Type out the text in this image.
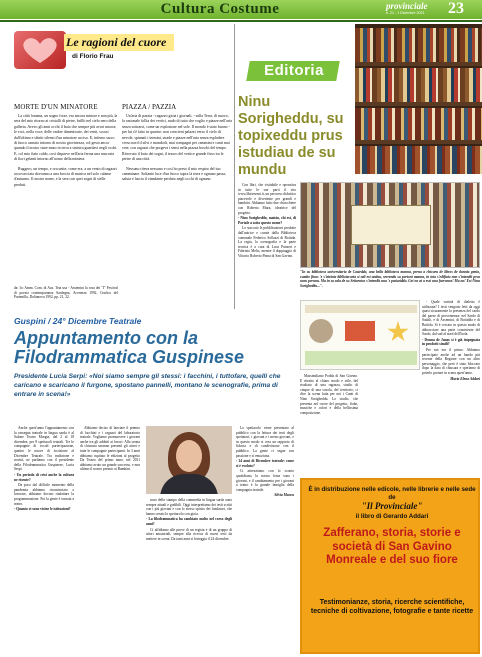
Cultura Costume	provinciale
n. 21 - 1 Dicembre 2021 23
Le ragioni del cuore
di Florio Frau
MORTE D'UN MINATORE

La città lontana, un sogno forse, era ancora minore e non più, la sera del mio ritorno ai cristalli di pietre, brillii nel cielo nero della galleria. Avevo gli anni occhi il buio che sempre più avrai ancora; le voci, nella voce, delle ombre dimenticate, dei venti, scossi dall'ultimo e sfiniti silenzi d'un minatore ucciso. E, inferno sacro di fuoco cantato intorno di nostro giovinezza, col gesto ancor quando il nostro stare muto in terra a sinistra guardavi negli occhi. E, col mio fiato caldo, così disparve nell'aria ferma una nascosta di fiori gelanti intorno all'uomo della miniera.

Ruggero, un tempo, e ora unite, come era, a un vento di ragazzi accovacciata dovranno a una boccia di musica nel solo calame d'autunno. Il nostro nome, e la sera con quei sogni di stelle perduti.

PIAZZA / PAZZIA

Un'aria di pazzia - ragazzo gioia i giornali, - sulla Terra, di nuovo, la razionale follia dei vertici, nudo di tutto che voglio e piazze nell'aria senza sottrarsi, come un esplosione nel sole. Il mondo è stato buono - per lui s'è fatto in quattro: non crescieni palazzi verso il cielo di nevole, spianati i termini, strade e piazze nell'aria senza esplodere verso nord il silvi e mandorli, mai compagni per cammini e canti mai vete, con ragazzi che porgeva i sensi nella piazza boschi del tempo. Ritrovato il buio dei sogni, il tesoro del vertice grande fisso tra le pietre di una città.

Nessuno riteva nessuno e così ho preso il mio respiro del tuo camminare. Soltanto luce d'un fuoco sopra la terra e ognuno passa, saluta e lascia il viandante perduto negli occhi di ognuno.

da: Io: Amm. Com. di Aus. Teia usa - Assemini la rosa dei "I" Festival di poesia contemporanea Sardegna, Acerenza 1992, Grafica del Partenilla, Dolianova 1992, pp. 21, 22.
Editoria
Ninu Sorigheddu, su topixeddu prus istudiau de su mundu

Con libri, che visitabile e operativa in tutte le sue parti il sito www.libriesemi.it, un percorso didattico piacevole e divertente per grandi e bambini. Abbiamo fatto due chiacchiere con Roberta Mura, ideatrice del progetto.

- Nino Sorigheddu, maisiu, chi est, di Portale a sotto questo nome?

Lo staccato le pubblicazioni prodotte dall'autrice e curate dalla Biblioteca comunale Federico Sollazzi di Bottida. La regia, la scenografia e la parte tecnica è a cura di Luca Punzeri e Fabrizio Melis, mentre il doppiaggio di Vittorio Roberto Pinna di San Gavino.

"In su biblioteca universitaria de Castedda, una bella biblioteca manna, prena a chicuru de libros de donnia genia, cumbo finas 'e s'istrinia bibliotecaria si ndi est andau, serrendu su portoni manna, in tota s'edifiziu non s'intendit prus sonu perunu. Ma in sa sala de su Seitzentos s'intendit una 's pasizziddu. Gei no at a essi una furrunca! Ma no! Est Ninu Sorigheddu...".

Massimiliano Podda di San Gavino. E ritratto al chiaro modo e stile, del risultato di una ragazza, studio di cinque di una scuola, del territorio, ci dice la scena fatta per noi i Canti di Nino Sorigheddu. Lo studio, che presenta nel cuore del progetto, fiabe, musiche e colori e della bellissima composizione.

- Quale varietà di dialetto è utilizzata? I testi vengono letti da oggi quasi sicuramente la presenza del cardo del paese di provenienza: nel Sardo di Sadali, e di Assemini, di Bottidda e di Bottida. Si è cercato in questo modo di abbracciare una parte consistente del Sardo, dal sud al nord dell'Isola.

- Donna de Janas si è già impegnata in prodotti simili?

Per noi era il primo. Abbiamo partecipato anche ad un bando più recente della Regione con un altro personaggio, che però è stato bloccato dopo la data di chiusura e speriamo di poterlo portare in scena quest'anno.

Maria Elena Addari

Guspini / 24° Dicembre Teatrale
Appuntamento con la
Filodrammatica Guspinese
Presidente Lucia Serpi: «Noi siamo sempre gli stessi: i facchini, i tuttofare, quelli che caricano e scaricano il furgone, spostano pannelli, montano le scenografie, prima di entrare in scena!»

Anche quest'anno l'appuntamento con la rassegna teatrale in lingua sarda è al Salone Teatro Murgia, dal 2 al 18 dicembre, per 8 spettacoli teatrali. Tre le compagnie di vocali partecipazione, quattro le nuove di iscrizione al Dicembre Teatrale. Tra tradizione e novità, ne parliamo con il presidente della Filodrammatica Guspinese, Lucia Serpi.

- Un periodo di crisi anche la cultura ne risente?

Da poco dal difficile momento della pandemia abbiamo ricominciato a lavorare, abbiamo dovuto riadattare la programmazione. Poi la gente è tornata a teatro.

- Quanto vi sono vicine le istituzioni?

Abbiamo deciso di lanciare il premio di facchini e i ragazzi del laboratorio teatrale. Vogliamo promuovere i giovani anche tra gli addetti ai lavori. Alla serata di chiusura saranno presenti gli attori e tutte le compagnie partecipanti. In 3 anni abbiamo ospitato le edizioni al progetto Da Teatro del primo anno, nel 2011 abbiamo avuto un grande successo, e non ultimo il nostro premio ai Bambini.

sono dello stampo della commedia in lingua sarda sono sempre attuali e godibili. Oggi interpretiamo dei testi scritti con i più giovani e con lo stesso spirito dei fondatori, che hanno creato lo spettacolo con gioia.

- La filodrammatica ha cambiato molto nel corso degli anni?

Ci affidiamo alle prove di un regista e di un gruppo di attori amatoriali, sempre alla ricerca di nuovi testi da mettere in scena. Da tanti anni si festeggia il 24 dicembre.

Lo spettacolo viene presentato al pubblico con la lettura dei testi degli spettatori, i giovani e i meno giovani, e in questo modo si crea un rapporto di fiducia e di condivisione con il pubblico. La gente ci segue con passione e si emoziona.

- 24 anni di Dicembre teatrale: come si è evoluto?

Ci attrezziamo con lo sconto quotidiano, la nostra forza sono i giovani, e il cambiamento per i giovani a teatro è la grande famiglia della compagnia teatrale.

Silvia Manca

È in distribuzione nelle edicole, nelle librerie e nelle sede de
"Il Provinciale"
il libro di Gerardo Addari
Zafferano, storia, storie e società di San Gavino Monreale e del suo fiore
Testimonianze, storia, ricerche scientifiche, tecniche di coltivazione, fotografie e tante ricette
